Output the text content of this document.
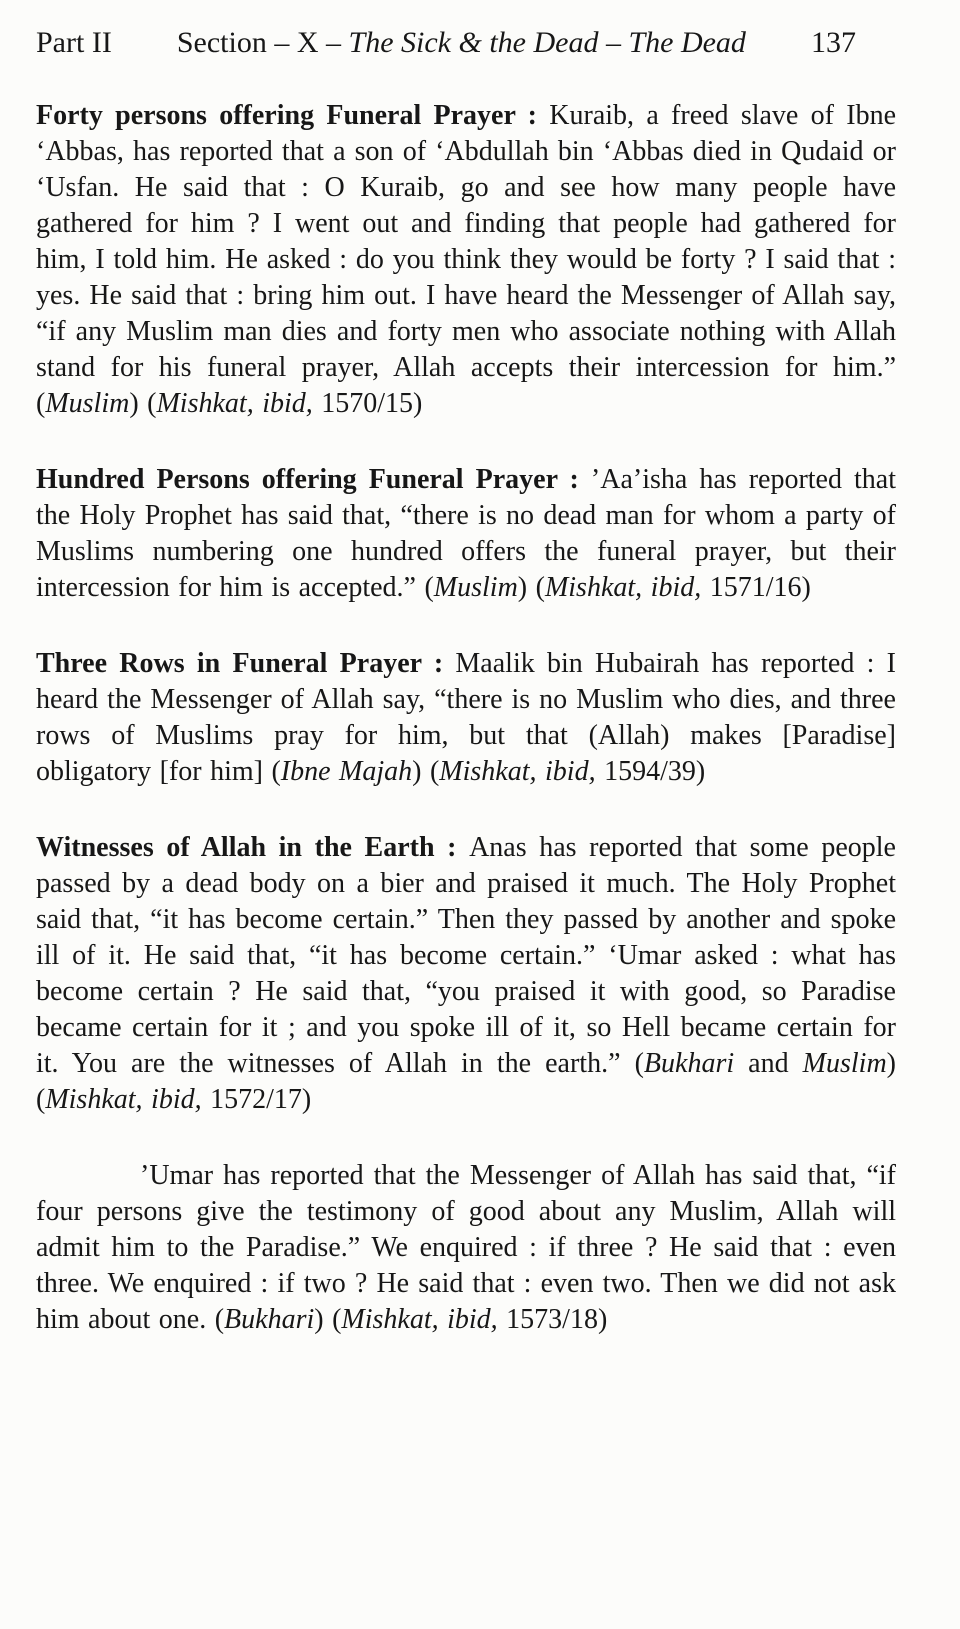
Part II	Section – X – The Sick & the Dead – The Dead	137

Forty persons offering Funeral Prayer : Kuraib, a freed slave of Ibne ‘Abbas, has reported that a son of ‘Abdullah bin ‘Abbas died in Qudaid or ‘Usfan. He said that : O Kuraib, go and see how many people have gathered for him ? I went out and finding that people had gathered for him, I told him. He asked : do you think they would be forty ? I said that : yes. He said that : bring him out. I have heard the Messenger of Allah say, “if any Muslim man dies and forty men who associate nothing with Allah stand for his funeral prayer, Allah accepts their intercession for him.” (Muslim) (Mishkat, ibid, 1570/15)

Hundred Persons offering Funeral Prayer : ’Aa’isha has reported that the Holy Prophet has said that, “there is no dead man for whom a party of Muslims numbering one hundred offers the funeral prayer, but their intercession for him is accepted.” (Muslim) (Mishkat, ibid, 1571/16)

Three Rows in Funeral Prayer : Maalik bin Hubairah has reported : I heard the Messenger of Allah say, “there is no Muslim who dies, and three rows of Muslims pray for him, but that (Allah) makes [Paradise] obligatory [for him] (Ibne Majah) (Mishkat, ibid, 1594/39)

Witnesses of Allah in the Earth : Anas has reported that some people passed by a dead body on a bier and praised it much. The Holy Prophet said that, “it has become certain.” Then they passed by another and spoke ill of it. He said that, “it has become certain.” ‘Umar asked : what has become certain ? He said that, “you praised it with good, so Paradise became certain for it ; and you spoke ill of it, so Hell became certain for it. You are the witnesses of Allah in the earth.” (Bukhari and Muslim) (Mishkat, ibid, 1572/17)

’Umar has reported that the Messenger of Allah has said that, “if four persons give the testimony of good about any Muslim, Allah will admit him to the Paradise.” We enquired : if three ? He said that : even three. We enquired : if two ? He said that : even two. Then we did not ask him about one. (Bukhari) (Mishkat, ibid, 1573/18)
